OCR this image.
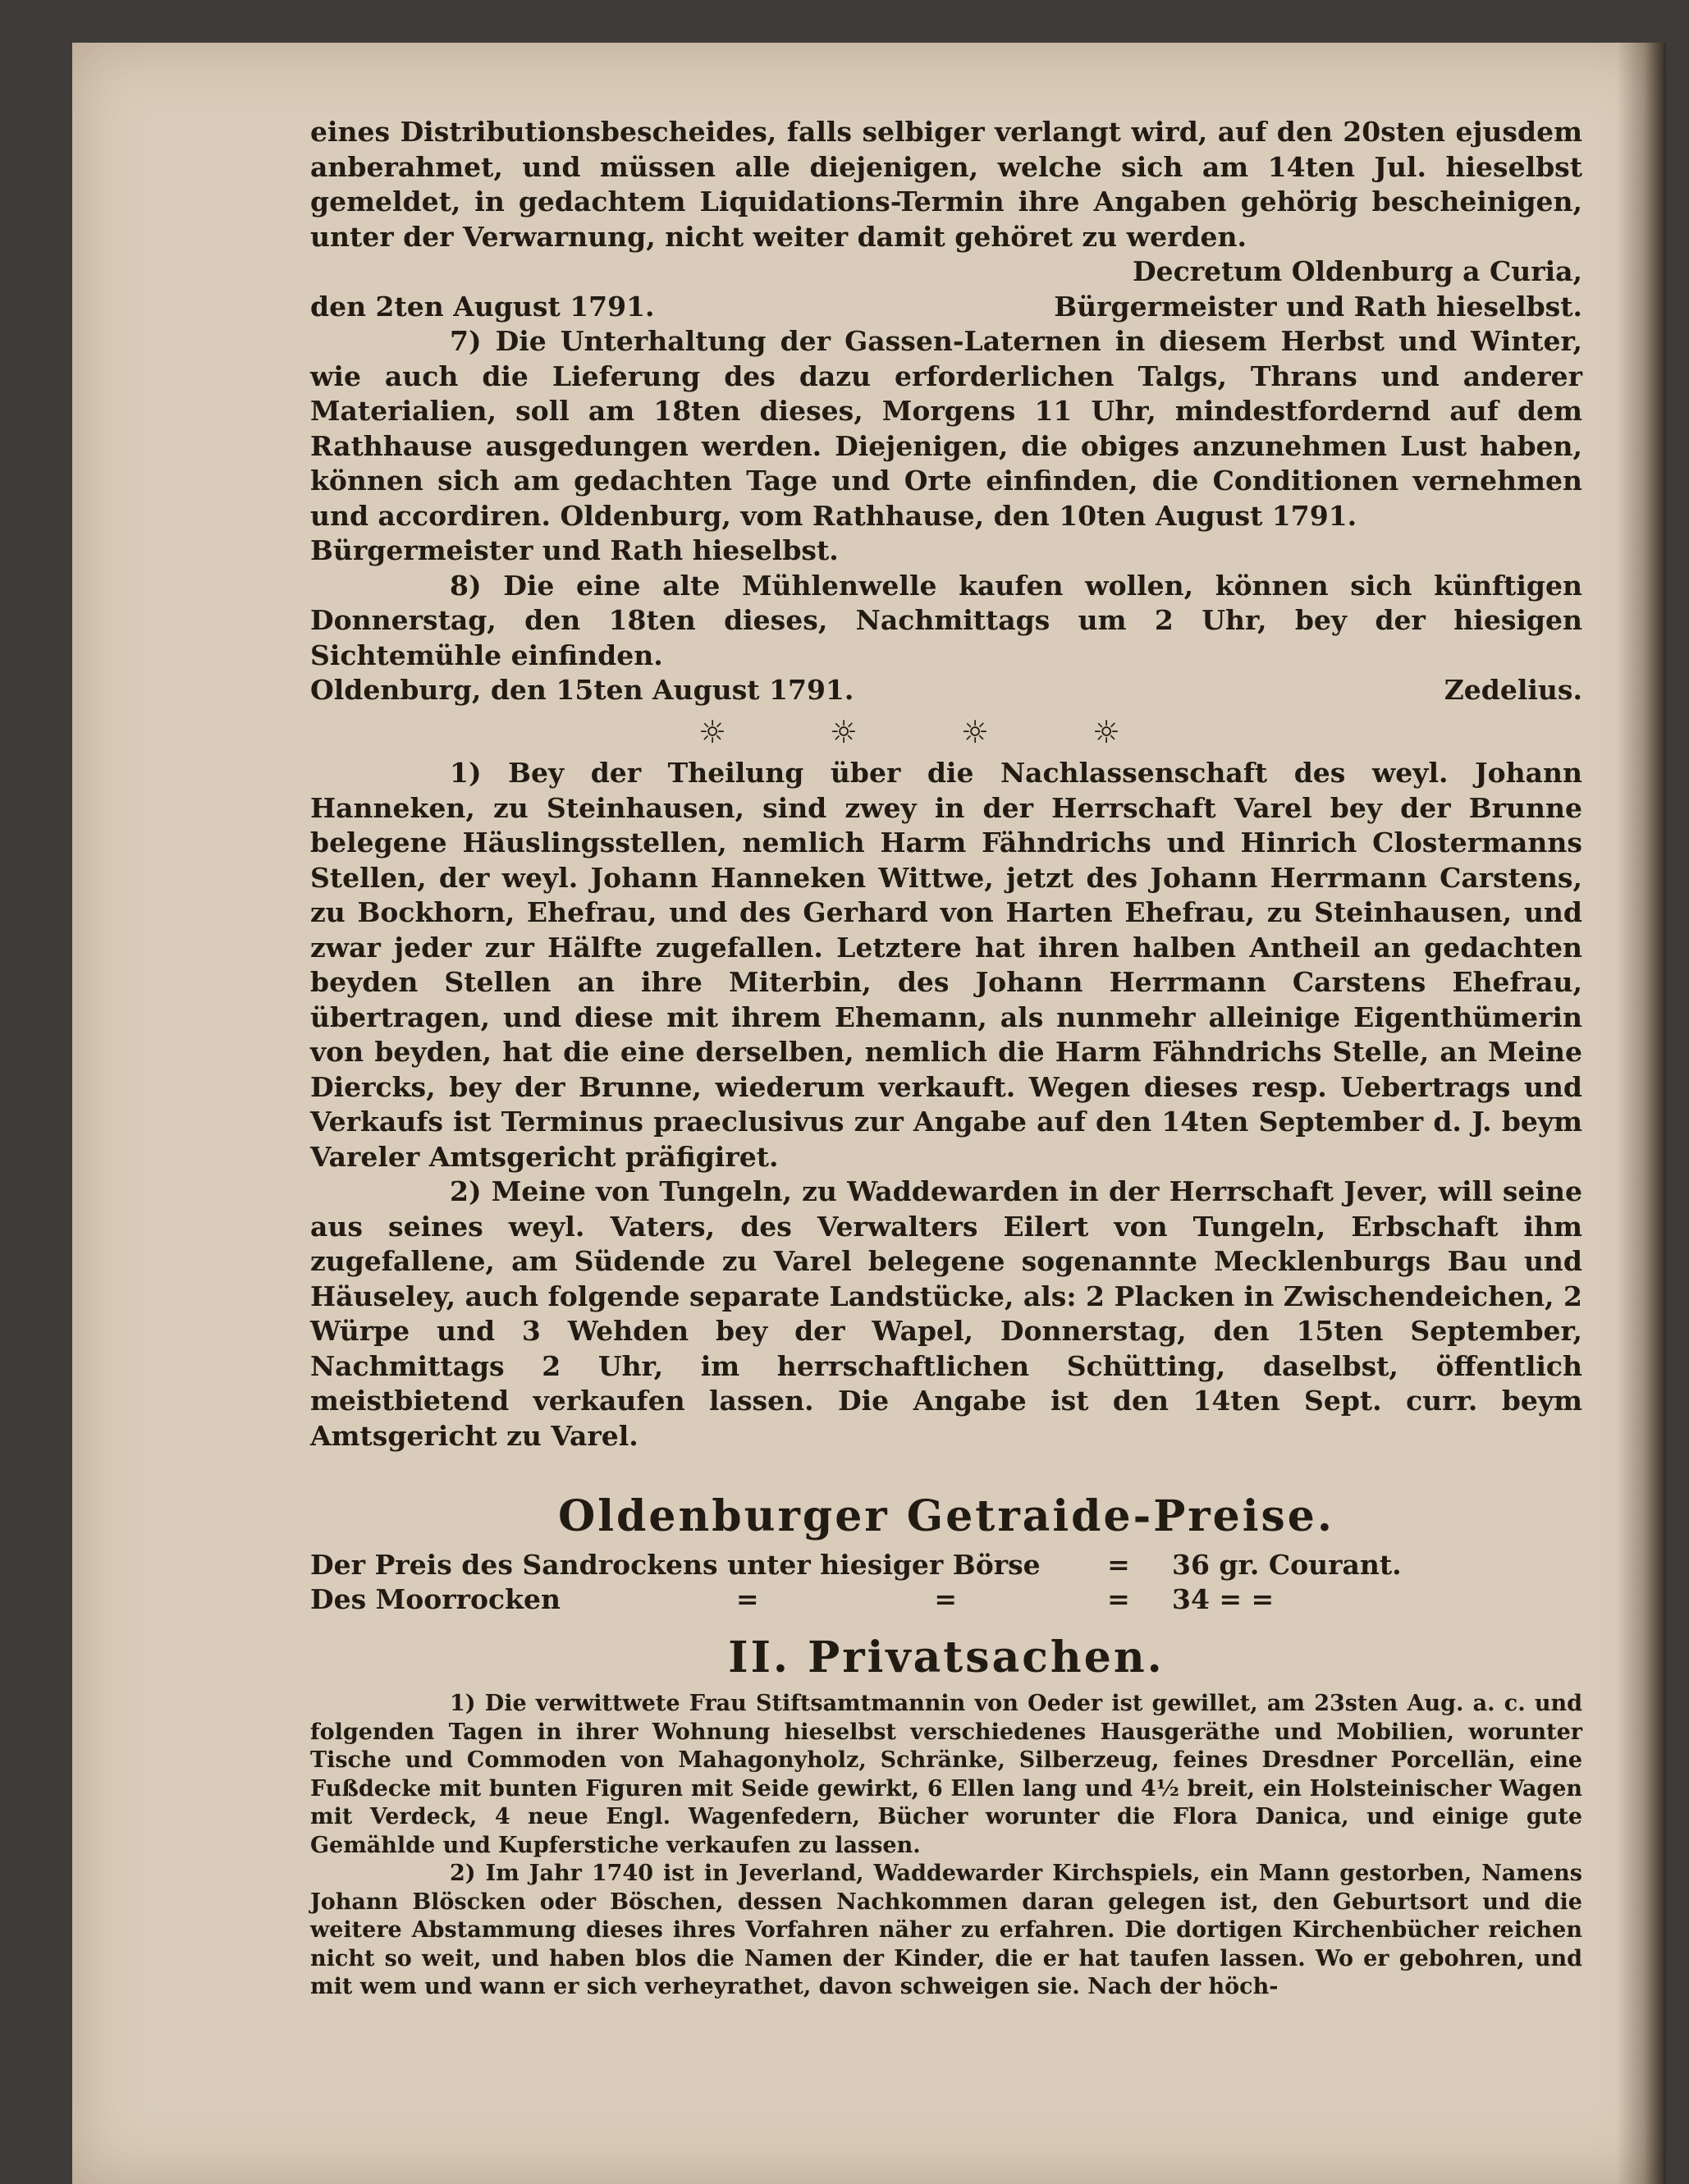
eines Distributionsbescheides, falls selbiger verlangt wird, auf den 20sten ejusdem anberahmet, und müssen alle diejenigen, welche sich am 14ten Jul. hieselbst gemeldet, in gedachtem Liquidations-Termin ihre Angaben gehörig bescheinigen, unter der Verwarnung, nicht weiter damit gehöret zu werden.

Decretum Oldenburg a Curia,

den 2ten August 1791.	Bürgermeister und Rath hieselbst.

7) Die Unterhaltung der Gassen-Laternen in diesem Herbst und Winter, wie auch die Lieferung des dazu erforderlichen Talgs, Thrans und anderer Materialien, soll am 18ten dieses, Morgens 11 Uhr, mindestfordernd auf dem Rathhause ausgedungen werden. Diejenigen, die obiges anzunehmen Lust haben, können sich am gedachten Tage und Orte einfinden, die Conditionen vernehmen und accordiren. Oldenburg, vom Rathhause, den 10ten August 1791.

Bürgermeister und Rath hieselbst.

8) Die eine alte Mühlenwelle kaufen wollen, können sich künftigen Donnerstag, den 18ten dieses, Nachmittags um 2 Uhr, bey der hiesigen Sichtemühle einfinden.

Oldenburg, den 15ten August 1791.	Zedelius.

☼	☼	☼	☼

1) Bey der Theilung über die Nachlassenschaft des weyl. Johann Hanneken, zu Steinhausen, sind zwey in der Herrschaft Varel bey der Brunne belegene Häuslingsstellen, nemlich Harm Fähndrichs und Hinrich Clostermanns Stellen, der weyl. Johann Hanneken Wittwe, jetzt des Johann Herrmann Carstens, zu Bockhorn, Ehefrau, und des Gerhard von Harten Ehefrau, zu Steinhausen, und zwar jeder zur Hälfte zugefallen. Letztere hat ihren halben Antheil an gedachten beyden Stellen an ihre Miterbin, des Johann Herrmann Carstens Ehefrau, übertragen, und diese mit ihrem Ehemann, als nunmehr alleinige Eigenthümerin von beyden, hat die eine derselben, nemlich die Harm Fähndrichs Stelle, an Meine Diercks, bey der Brunne, wiederum verkauft. Wegen dieses resp. Uebertrags und Verkaufs ist Terminus praeclusivus zur Angabe auf den 14ten September d. J. beym Vareler Amtsgericht präfigiret.

2) Meine von Tungeln, zu Waddewarden in der Herrschaft Jever, will seine aus seines weyl. Vaters, des Verwalters Eilert von Tungeln, Erbschaft ihm zugefallene, am Südende zu Varel belegene sogenannte Mecklenburgs Bau und Häuseley, auch folgende separate Landstücke, als: 2 Placken in Zwischendeichen, 2 Würpe und 3 Wehden bey der Wapel, Donnerstag, den 15ten September, Nachmittags 2 Uhr, im herrschaftlichen Schütting, daselbst, öffentlich meistbietend verkaufen lassen. Die Angabe ist den 14ten Sept. curr. beym Amtsgericht zu Varel.

Oldenburger Getraide-Preise.
Der Preis des Sandrockens unter hiesiger Börse	=	36 gr. Courant.
Des Moorrocken	=	=	=	34 = =
II. Privatsachen.

1) Die verwittwete Frau Stiftsamtmannin von Oeder ist gewillet, am 23sten Aug. a. c. und folgenden Tagen in ihrer Wohnung hieselbst verschiedenes Hausgeräthe und Mobilien, worunter Tische und Commoden von Mahagonyholz, Schränke, Silberzeug, feines Dresdner Porcellän, eine Fußdecke mit bunten Figuren mit Seide gewirkt, 6 Ellen lang und 4½ breit, ein Holsteinischer Wagen mit Verdeck, 4 neue Engl. Wagenfedern, Bücher worunter die Flora Danica, und einige gute Gemählde und Kupferstiche verkaufen zu lassen.

2) Im Jahr 1740 ist in Jeverland, Waddewarder Kirchspiels, ein Mann gestorben, Namens Johann Blöscken oder Böschen, dessen Nachkommen daran gelegen ist, den Geburtsort und die weitere Abstammung dieses ihres Vorfahren näher zu erfahren. Die dortigen Kirchenbücher reichen nicht so weit, und haben blos die Namen der Kinder, die er hat taufen lassen. Wo er gebohren, und mit wem und wann er sich verheyrathet, davon schweigen sie. Nach der höch-
